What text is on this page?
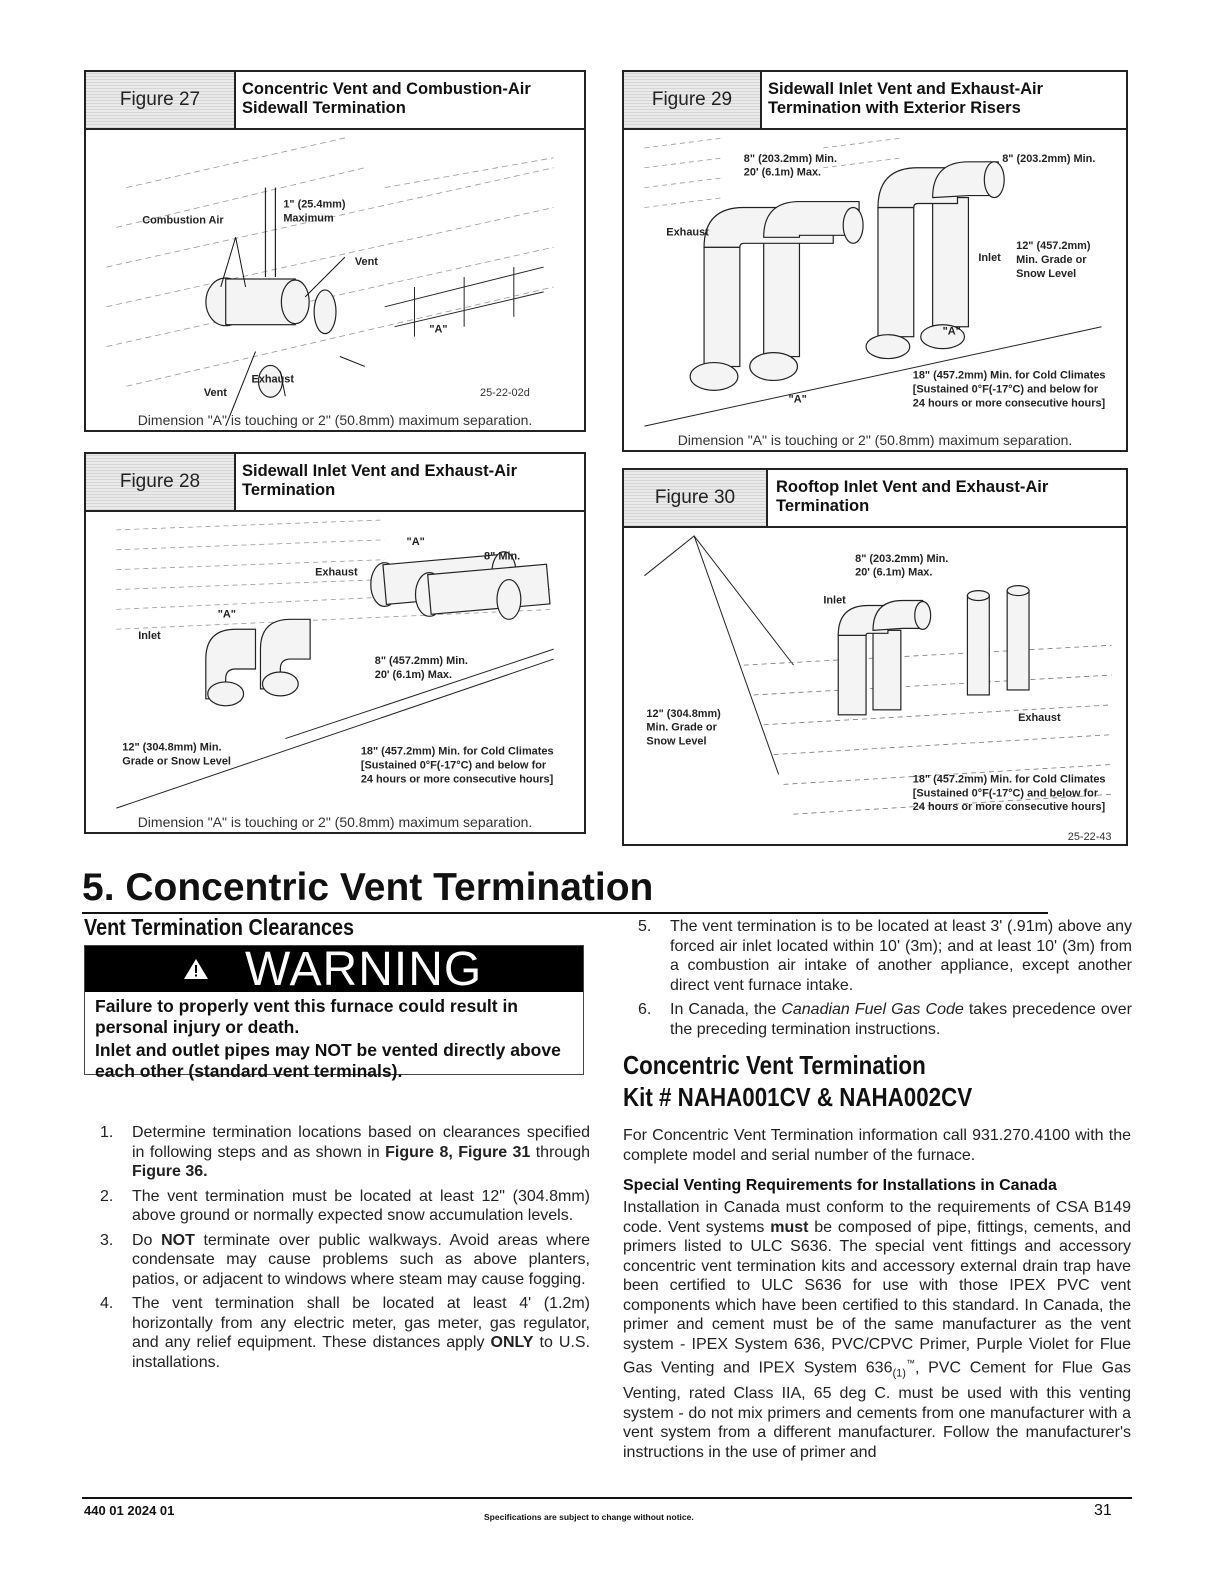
Figure 27	Concentric Vent and Combustion-Air Sidewall Termination
Combustion Air
1" (25.4mm)
Maximum
Vent
"A"
Exhaust
Vent	25-22-02d
Dimension "A" is touching or 2" (50.8mm) maximum separation.
Figure 28	Sidewall Inlet Vent and Exhaust-Air Termination
"A"
8" Min.
Exhaust
"A"
Inlet
8" (457.2mm) Min.
20' (6.1m) Max.
12" (304.8mm) Min.
Grade or Snow Level
18" (457.2mm) Min. for Cold Climates
[Sustained 0°F(-17°C) and below for
24 hours or more consecutive hours]
Dimension "A" is touching or 2" (50.8mm) maximum separation.
Figure 29	Sidewall Inlet Vent and Exhaust-Air Termination with Exterior Risers
8" (203.2mm) Min.
20' (6.1m) Max.
8" (203.2mm) Min.
Exhaust
Inlet
12" (457.2mm)
Min. Grade or
Snow Level
"A"
"A"
18" (457.2mm) Min. for Cold Climates
[Sustained 0°F(-17°C) and below for
24 hours or more consecutive hours]
Dimension "A" is touching or 2" (50.8mm) maximum separation.
Figure 30	Rooftop Inlet Vent and Exhaust-Air Termination
8" (203.2mm) Min.
20' (6.1m) Max.
Inlet
12" (304.8mm)
Min. Grade or
Snow Level
Exhaust
18" (457.2mm) Min. for Cold Climates
[Sustained 0°F(-17°C) and below for
24 hours or more consecutive hours]
25-22-43
5. Concentric Vent Termination
Vent Termination Clearances
WARNING
Failure to properly vent this furnace could result in personal injury or death.
Inlet and outlet pipes may NOT be vented directly above each other (standard vent terminals).
1. Determine termination locations based on clearances specified in following steps and as shown in Figure 8, Figure 31 through Figure 36.
2. The vent termination must be located at least 12" (304.8mm) above ground or normally expected snow accumulation levels.
3. Do NOT terminate over public walkways. Avoid areas where condensate may cause problems such as above planters, patios, or adjacent to windows where steam may cause fogging.
4. The vent termination shall be located at least 4' (1.2m) horizontally from any electric meter, gas meter, gas regulator, and any relief equipment. These distances apply ONLY to U.S. installations.
5. The vent termination is to be located at least 3' (.91m) above any forced air inlet located within 10' (3m); and at least 10' (3m) from a combustion air intake of another appliance, except another direct vent furnace intake.
6. In Canada, the Canadian Fuel Gas Code takes precedence over the preceding termination instructions.
Concentric Vent Termination
Kit # NAHA001CV & NAHA002CV
For Concentric Vent Termination information call 931.270.4100 with the complete model and serial number of the furnace.
Special Venting Requirements for Installations in Canada
Installation in Canada must conform to the requirements of CSA B149 code. Vent systems must be composed of pipe, fittings, cements, and primers listed to ULC S636. The special vent fittings and accessory concentric vent termination kits and accessory external drain trap have been certified to ULC S636 for use with those IPEX PVC vent components which have been certified to this standard. In Canada, the primer and cement must be of the same manufacturer as the vent system - IPEX System 636, PVC/CPVC Primer, Purple Violet for Flue Gas Venting and IPEX System $636_{(1)}™$, PVC Cement for Flue Gas Venting, rated Class IIA, 65 deg C. must be used with this venting system - do not mix primers and cements from one manufacturer with a vent system from a different manufacturer. Follow the manufacturer's instructions in the use of primer and
440 01 2024 01	Specifications are subject to change without notice.	31
